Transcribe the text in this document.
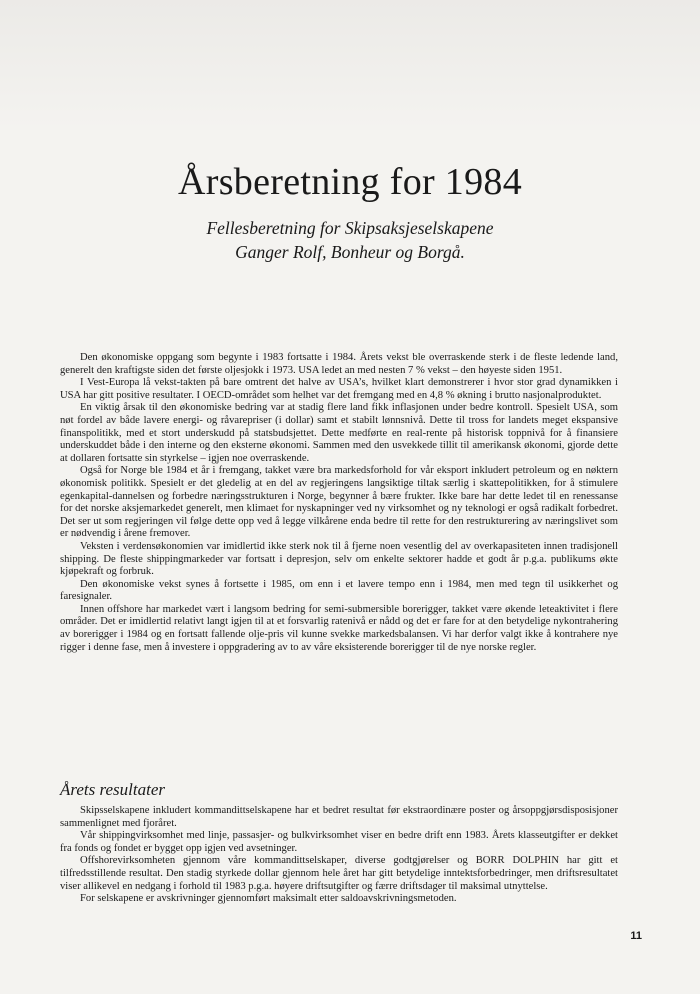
Årsberetning for 1984
Fellesberetning for Skipsaksjeselskapene
Ganger Rolf, Bonheur og Borgå.

Den økonomiske oppgang som begynte i 1983 fortsatte i 1984. Årets vekst ble overraskende sterk i de fleste ledende land, generelt den kraftigste siden det første oljesjokk i 1973. USA ledet an med nesten 7 % vekst – den høyeste siden 1951.

I Vest-Europa lå vekst-takten på bare omtrent det halve av USA’s, hvilket klart demonstrerer i hvor stor grad dynamikken i USA har gitt positive resultater. I OECD-området som helhet var det fremgang med en 4,8 % økning i brutto nasjonalproduktet.

En viktig årsak til den økonomiske bedring var at stadig flere land fikk inflasjonen under bedre kontroll. Spesielt USA, som nøt fordel av både lavere energi- og råvarepriser (i dollar) samt et stabilt lønnsnivå. Dette til tross for landets meget ekspansive finanspolitikk, med et stort underskudd på statsbudsjettet. Dette medførte en real-rente på historisk toppnivå for å finansiere underskuddet både i den interne og den eksterne økonomi. Sammen med den usvekkede tillit til amerikansk økonomi, gjorde dette at dollaren fortsatte sin styrkelse – igjen noe overraskende.

Også for Norge ble 1984 et år i fremgang, takket være bra markedsforhold for vår eksport inkludert petroleum og en nøktern økonomisk politikk. Spesielt er det gledelig at en del av regjeringens langsiktige tiltak særlig i skattepolitikken, for å stimulere egenkapital-dannelsen og forbedre næringsstrukturen i Norge, begynner å bære frukter. Ikke bare har dette ledet til en renessanse for det norske aksjemarkedet generelt, men klimaet for nyskapninger ved ny virksomhet og ny teknologi er også radikalt forbedret. Det ser ut som regjeringen vil følge dette opp ved å legge vilkårene enda bedre til rette for den restrukturering av næringslivet som er nødvendig i årene fremover.

Veksten i verdensøkonomien var imidlertid ikke sterk nok til å fjerne noen vesentlig del av overkapasiteten innen tradisjonell shipping. De fleste shippingmarkeder var fortsatt i depresjon, selv om enkelte sektorer hadde et godt år p.g.a. publikums økte kjøpekraft og forbruk.

Den økonomiske vekst synes å fortsette i 1985, om enn i et lavere tempo enn i 1984, men med tegn til usikkerhet og faresignaler.

Innen offshore har markedet vært i langsom bedring for semi-submersible borerigger, takket være økende leteaktivitet i flere områder. Det er imidlertid relativt langt igjen til at et forsvarlig ratenivå er nådd og det er fare for at den betydelige nykontrahering av borerigger i 1984 og en fortsatt fallende olje-pris vil kunne svekke markedsbalansen. Vi har derfor valgt ikke å kontrahere nye rigger i denne fase, men å investere i oppgradering av to av våre eksisterende borerigger til de nye norske regler.

Årets resultater

Skipsselskapene inkludert kommandittselskapene har et bedret resultat før ekstraordinære poster og årsoppgjørsdisposisjoner sammenlignet med fjoråret.

Vår shippingvirksomhet med linje, passasjer- og bulkvirksomhet viser en bedre drift enn 1983. Årets klasseutgifter er dekket fra fonds og fondet er bygget opp igjen ved avsetninger.

Offshorevirksomheten gjennom våre kommandittselskaper, diverse godtgjørelser og BORR DOLPHIN har gitt et tilfredsstillende resultat. Den stadig styrkede dollar gjennom hele året har gitt betydelige inntektsforbedringer, men driftsresultatet viser allikevel en nedgang i forhold til 1983 p.g.a. høyere driftsutgifter og færre driftsdager til maksimal utnyttelse.

For selskapene er avskrivninger gjennomført maksimalt etter saldoavskrivningsmetoden.

11
